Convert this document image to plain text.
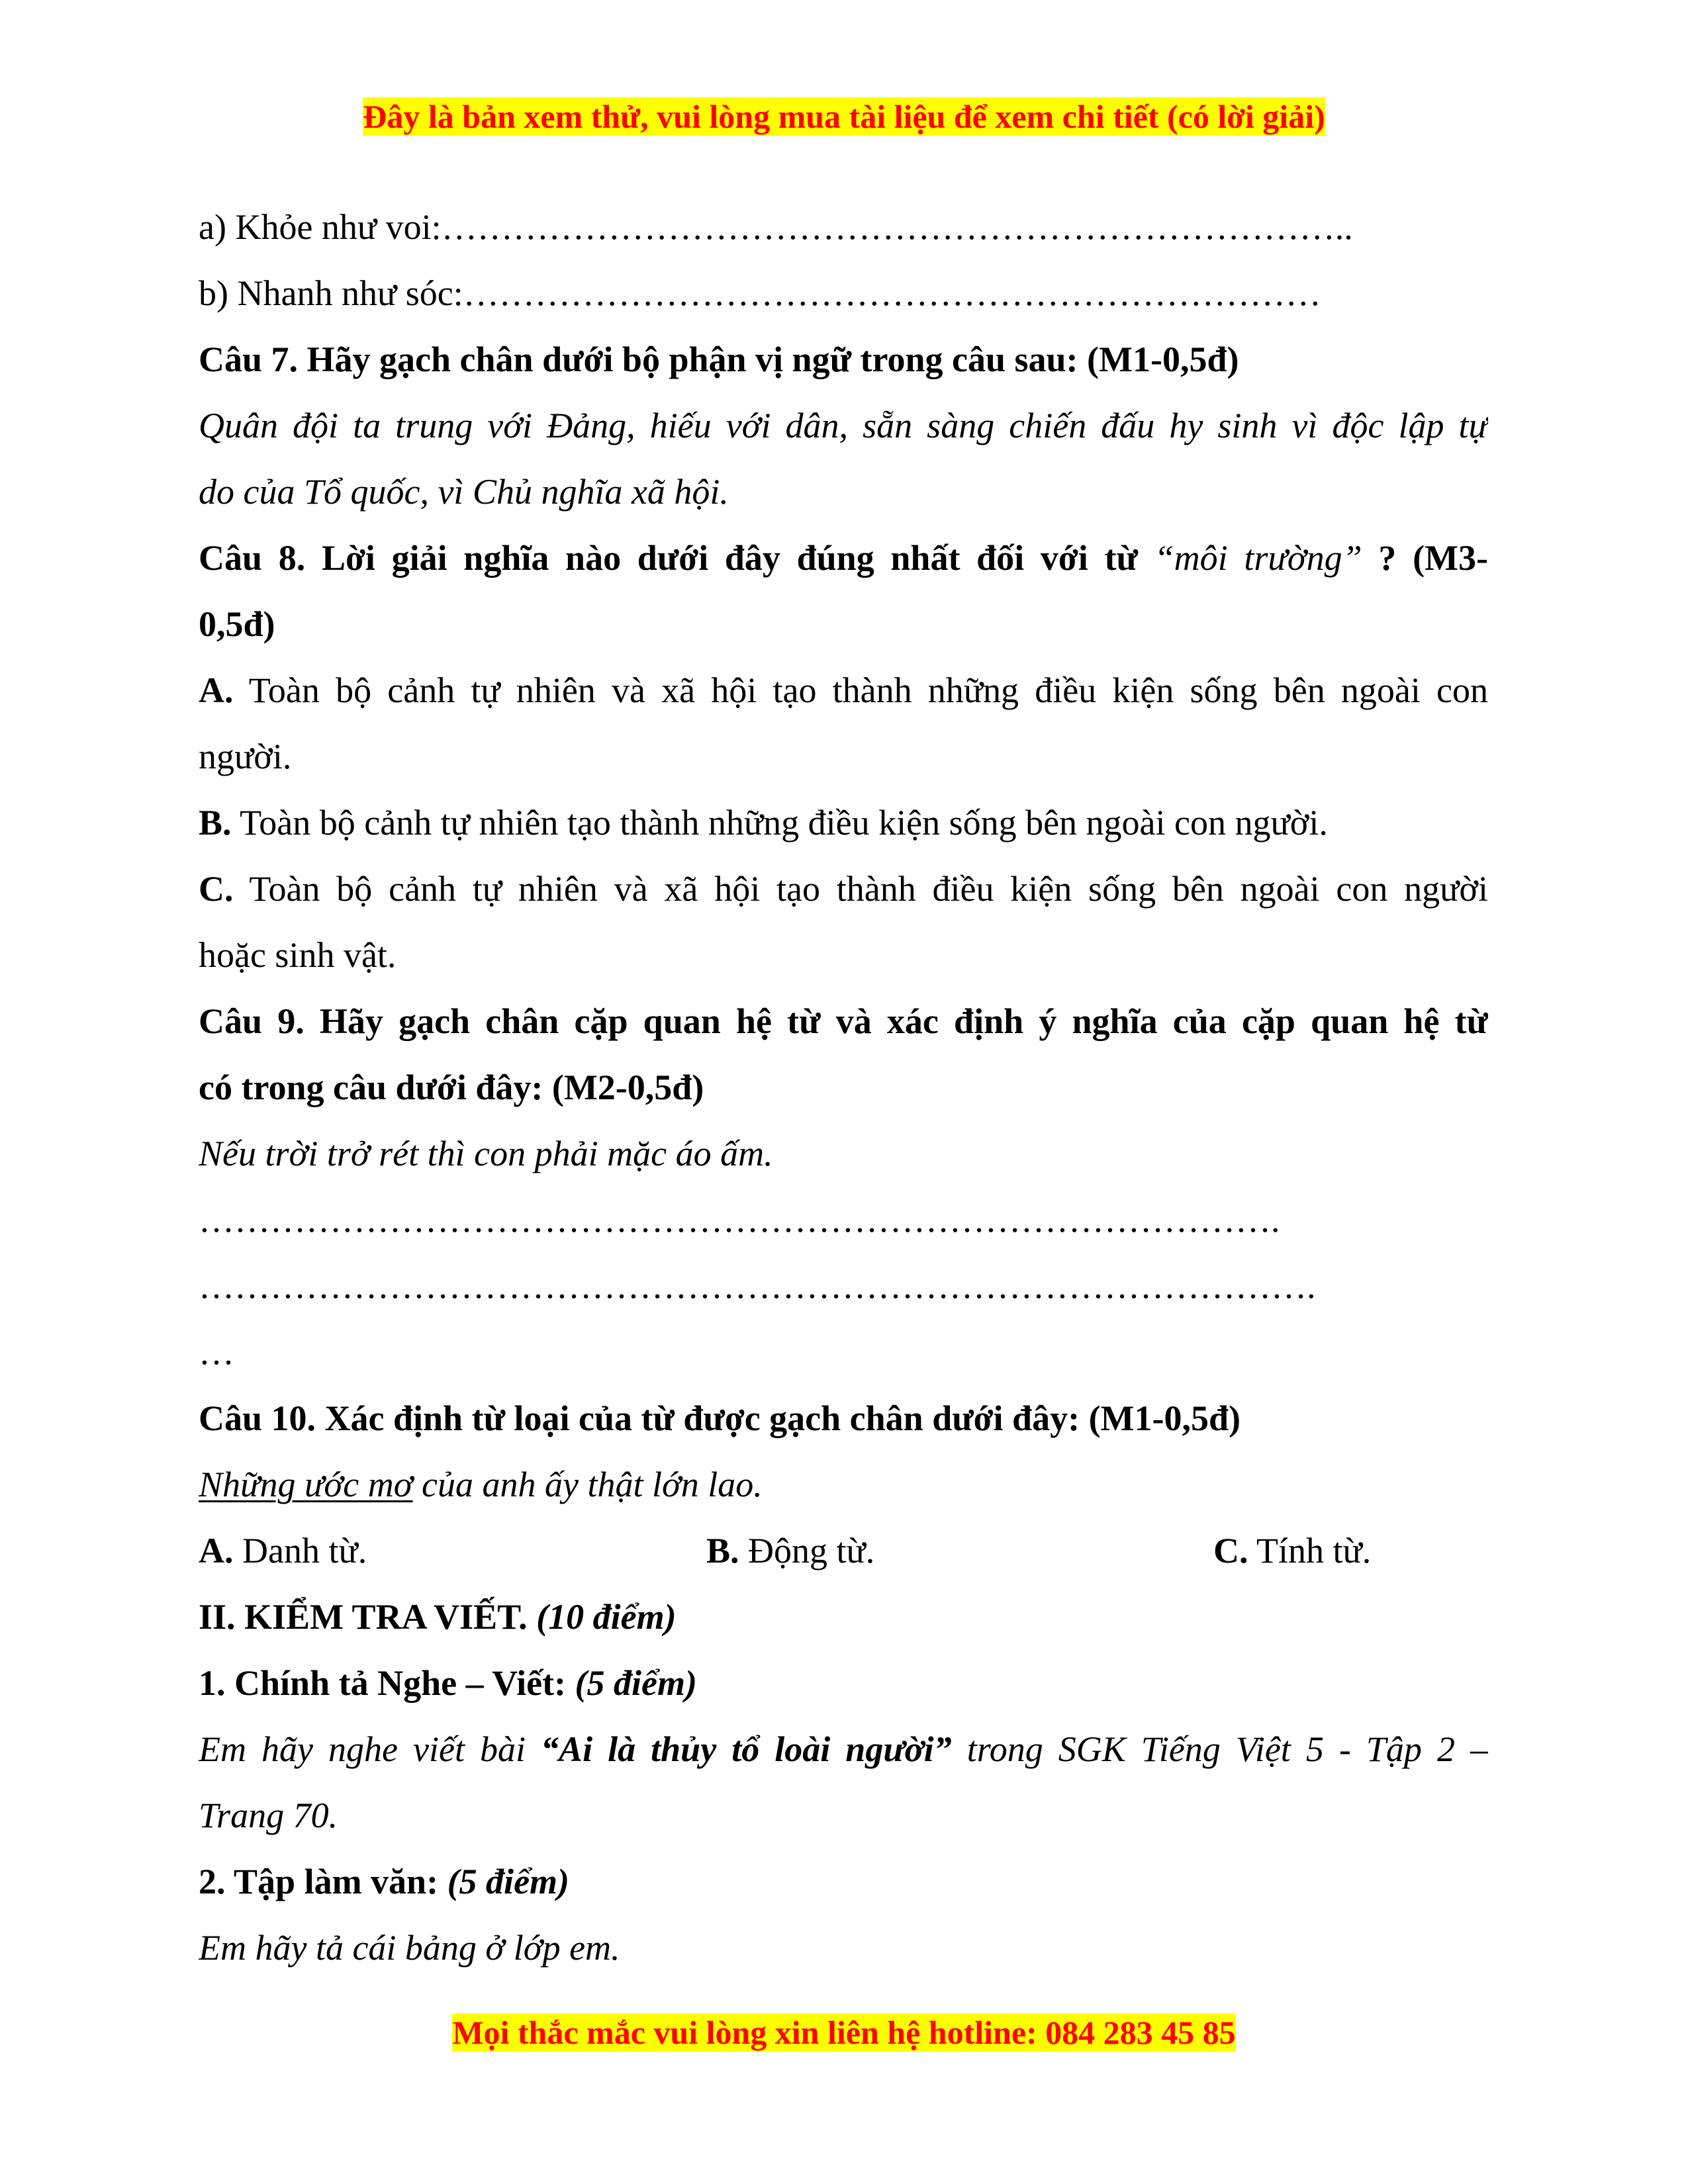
Đây là bản xem thử, vui lòng mua tài liệu để xem chi tiết (có lời giải)
a) Khỏe như voi:…………………………………………………………………..
b) Nhanh như sóc:………………………………………………………………
Câu 7. Hãy gạch chân dưới bộ phận vị ngữ trong câu sau: (M1-0,5đ)
Quân đội ta trung với Đảng, hiếu với dân, sẵn sàng chiến đấu hy sinh vì độc lập tự
do của Tổ quốc, vì Chủ nghĩa xã hội.
Câu 8. Lời giải nghĩa nào dưới đây đúng nhất đối với từ “môi trường” ? (M3-
0,5đ)
A. Toàn bộ cảnh tự nhiên và xã hội tạo thành những điều kiện sống bên ngoài con
người.
B. Toàn bộ cảnh tự nhiên tạo thành những điều kiện sống bên ngoài con người.
C. Toàn bộ cảnh tự nhiên và xã hội tạo thành điều kiện sống bên ngoài con người
hoặc sinh vật.
Câu 9. Hãy gạch chân cặp quan hệ từ và xác định ý nghĩa của cặp quan hệ từ
có trong câu dưới đây: (M2-0,5đ)
Nếu trời trở rét thì con phải mặc áo ấm.
……………………………………………………………………………….
………………………………………………………………………………….
…
Câu 10. Xác định từ loại của từ được gạch chân dưới đây: (M1-0,5đ)
Những ước mơ của anh ấy thật lớn lao.
A. Danh từ.	B. Động từ.	C. Tính từ.
II. KIỂM TRA VIẾT. (10 điểm)
1. Chính tả Nghe – Viết: (5 điểm)
Em hãy nghe viết bài “Ai là thủy tổ loài người” trong SGK Tiếng Việt 5 - Tập 2 –
Trang 70.
2. Tập làm văn: (5 điểm)
Em hãy tả cái bảng ở lớp em.
Mọi thắc mắc vui lòng xin liên hệ hotline: 084 283 45 85
